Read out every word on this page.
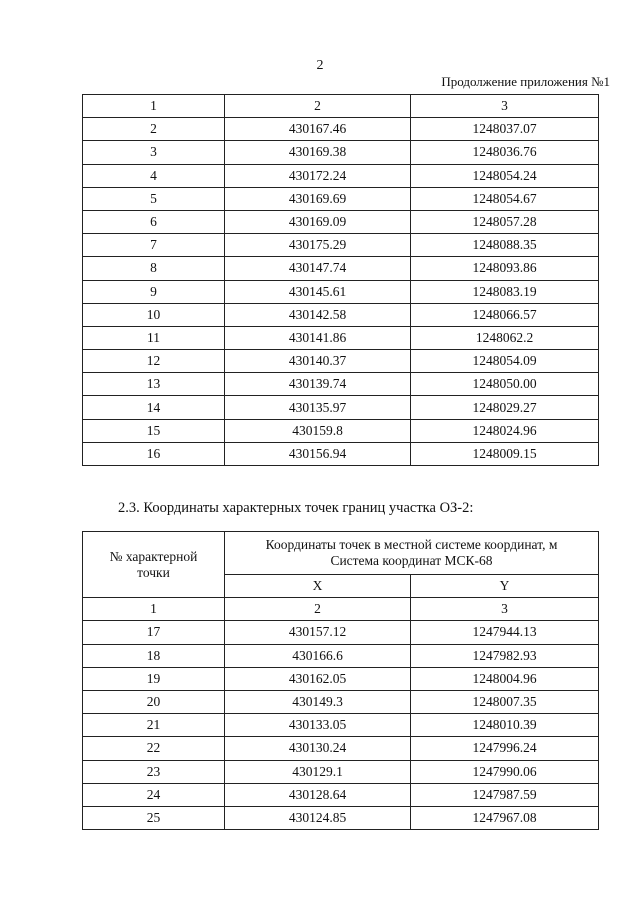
2
Продолжение приложения №1
1	2	3
2	430167.46	1248037.07
3	430169.38	1248036.76
4	430172.24	1248054.24
5	430169.69	1248054.67
6	430169.09	1248057.28
7	430175.29	1248088.35
8	430147.74	1248093.86
9	430145.61	1248083.19
10	430142.58	1248066.57
11	430141.86	1248062.2
12	430140.37	1248054.09
13	430139.74	1248050.00
14	430135.97	1248029.27
15	430159.8	1248024.96
16	430156.94	1248009.15
2.3. Координаты характерных точек границ участка ОЗ-2:
№ характерной
точки	Координаты точек в местной системе координат, м
Система координат МСК-68	

	X	Y
1	2	3
17	430157.12	1247944.13
18	430166.6	1247982.93
19	430162.05	1248004.96
20	430149.3	1248007.35
21	430133.05	1248010.39
22	430130.24	1247996.24
23	430129.1	1247990.06
24	430128.64	1247987.59
25	430124.85	1247967.08
